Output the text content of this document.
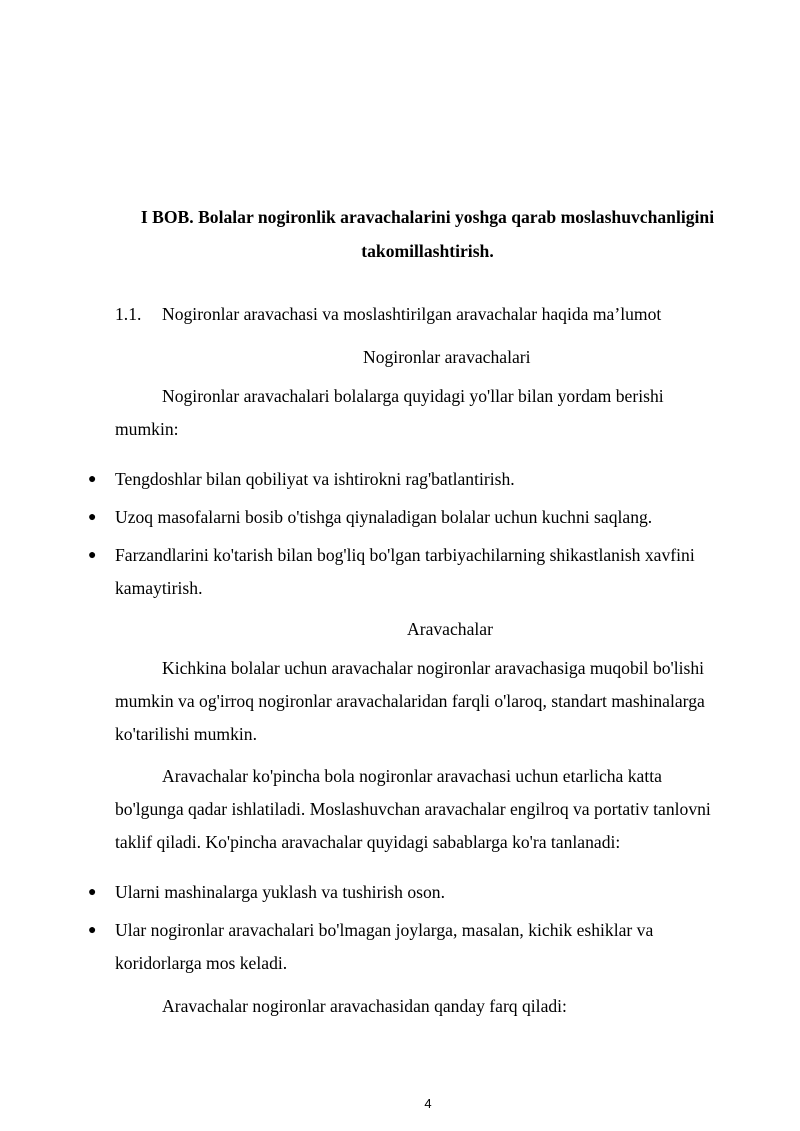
I BOB. Bolalar nogironlik aravachalarini yoshga qarab moslashuvchanligini takomillashtirish.

1.1. Nogironlar aravachasi va moslashtirilgan aravachalar haqida ma’lumot

Nogironlar aravachalari

Nogironlar aravachalari bolalarga quyidagi yo'llar bilan yordam berishi mumkin:

● Tengdoshlar bilan qobiliyat va ishtirokni rag'batlantirish.
● Uzoq masofalarni bosib o'tishga qiynaladigan bolalar uchun kuchni saqlang.
● Farzandlarini ko'tarish bilan bog'liq bo'lgan tarbiyachilarning shikastlanish xavfini kamaytirish.

Aravachalar

Kichkina bolalar uchun aravachalar nogironlar aravachasiga muqobil bo'lishi mumkin va og'irroq nogironlar aravachalaridan farqli o'laroq, standart mashinalarga ko'tarilishi mumkin.

Aravachalar ko'pincha bola nogironlar aravachasi uchun etarlicha katta bo'lgunga qadar ishlatiladi. Moslashuvchan aravachalar engilroq va portativ tanlovni taklif qiladi. Ko'pincha aravachalar quyidagi sabablarga ko'ra tanlanadi:

● Ularni mashinalarga yuklash va tushirish oson.
● Ular nogironlar aravachalari bo'lmagan joylarga, masalan, kichik eshiklar va koridorlarga mos keladi.

Aravachalar nogironlar aravachasidan qanday farq qiladi:

4
